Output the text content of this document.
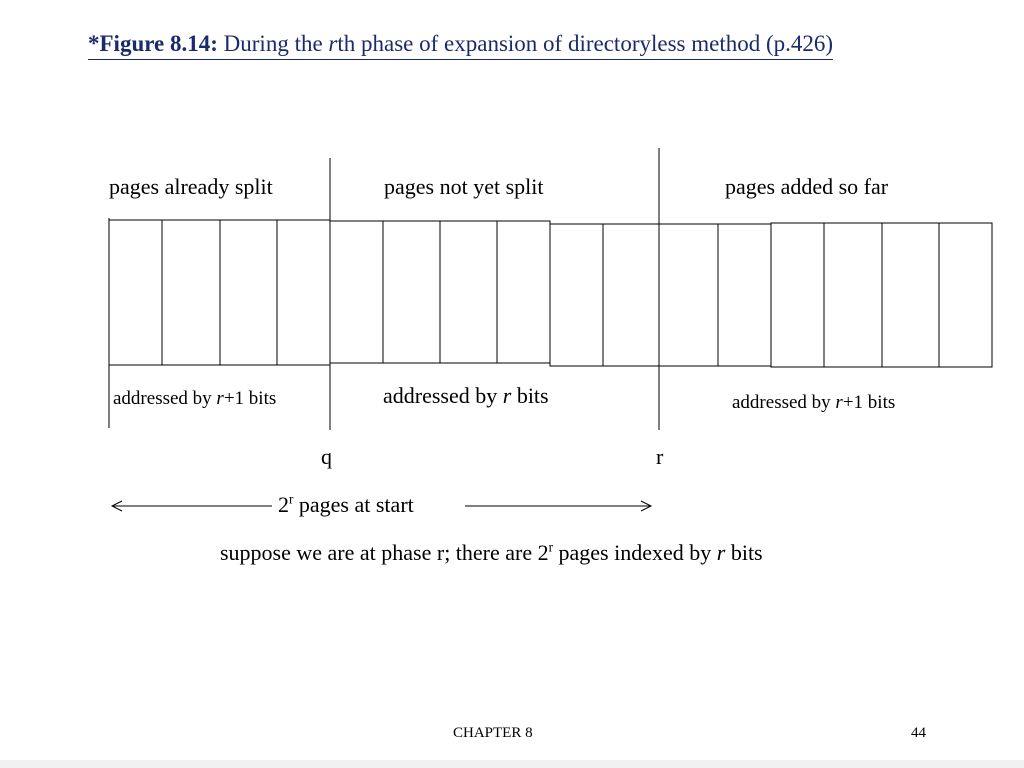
*Figure 8.14: During the rth phase of expansion of directoryless method (p.426)
pages already split	pages not yet split	pages added so far
addressed by r+1 bits	addressed by r bits	addressed by r+1 bits
q	r
2$^r$ pages at start
suppose we are at phase r; there are 2$^r$ pages indexed by r bits
CHAPTER 8	44
